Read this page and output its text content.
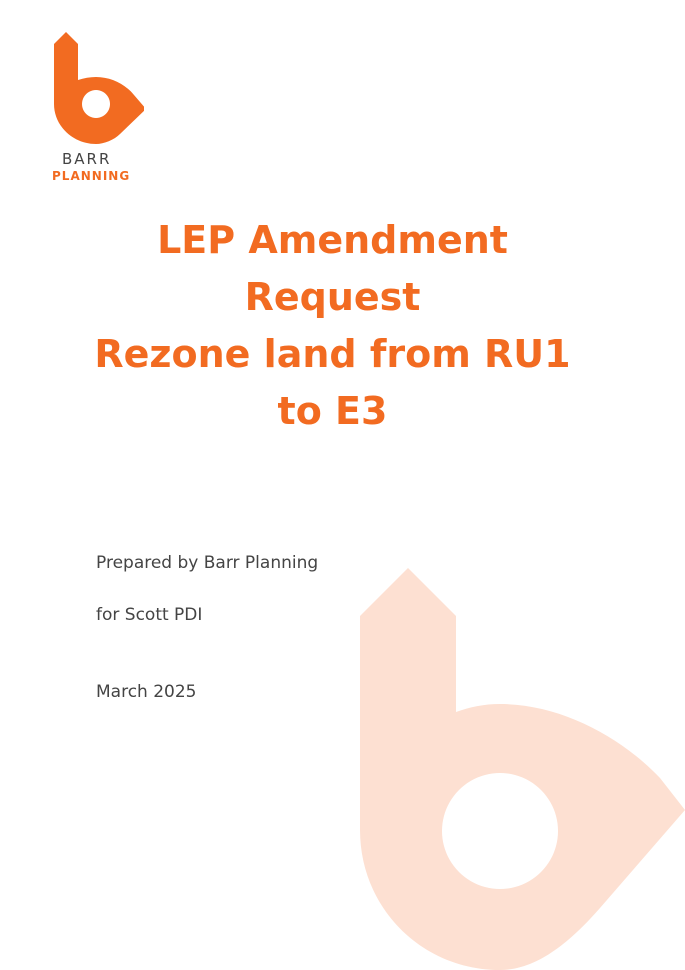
BARR
PLANNING
LEP Amendment
Request
Rezone land from RU1
to E3
Prepared by Barr Planning
for Scott PDI
March 2025
